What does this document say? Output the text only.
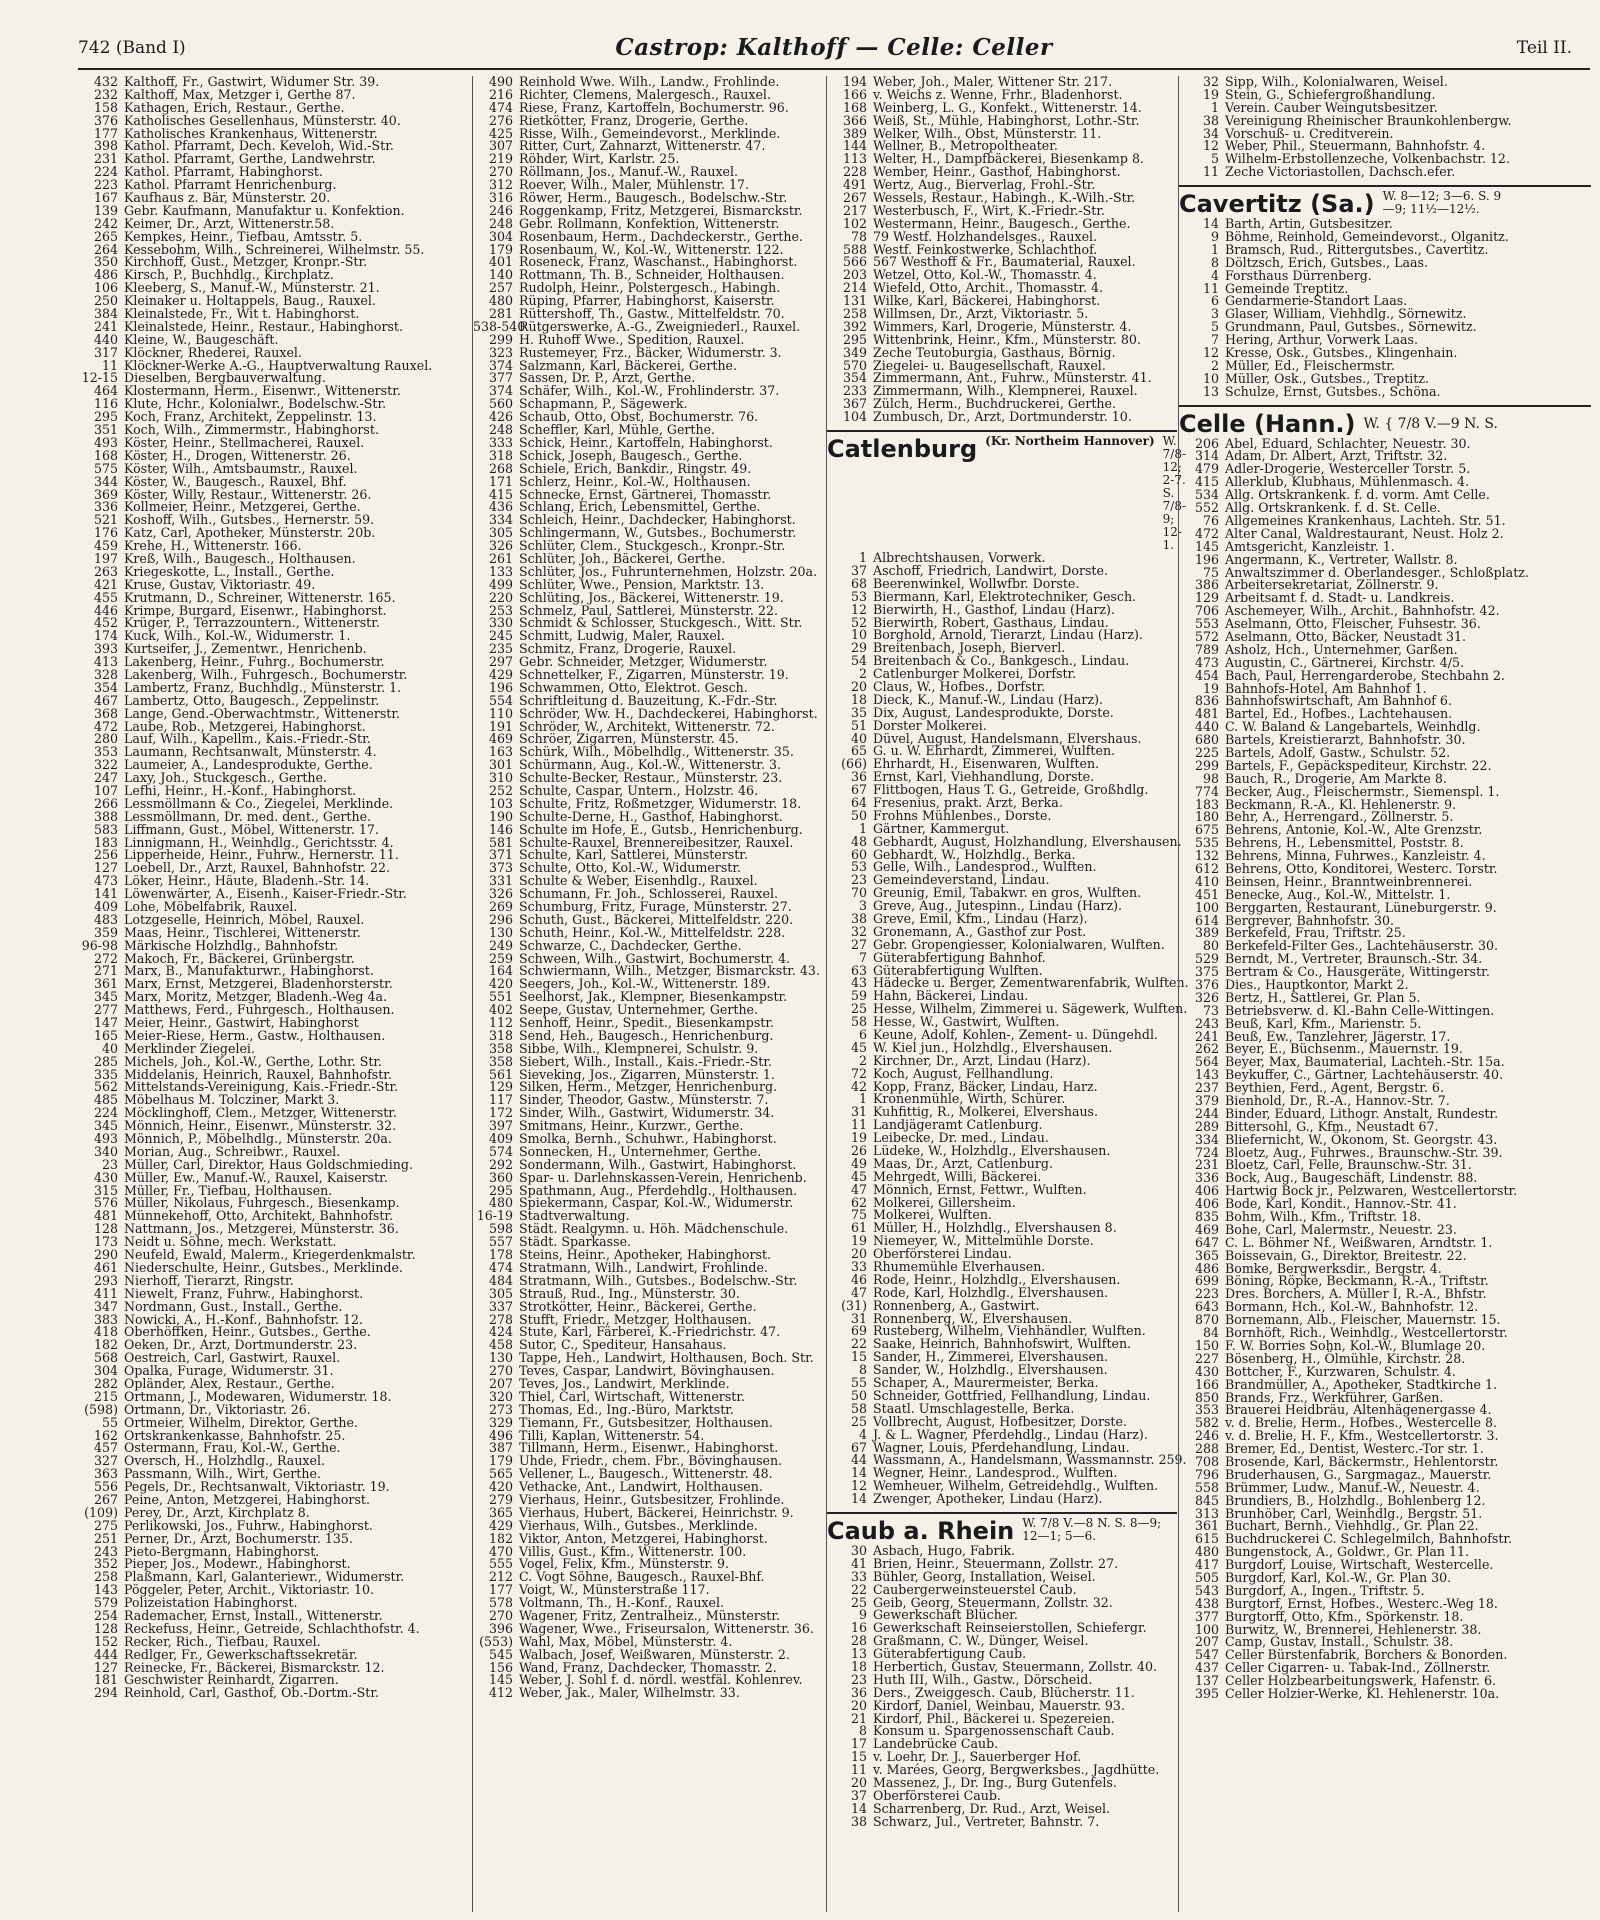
742 (Band I)	Castrop: Kalthoff — Celle: Celler	Teil II.
432 Kalthoff, Fr., Gastwirt, Widumer Str. 39.
232 Kalthoff, Max, Metzger i, Gerthe 87.
158 Kathagen, Erich, Restaur., Gerthe.
376 Katholisches Gesellenhaus, Münsterstr. 40.
177 Katholisches Krankenhaus, Wittenerstr.
398 Kathol. Pfarramt, Dech. Keveloh, Wid.-Str.
231 Kathol. Pfarramt, Gerthe, Landwehrstr.
224 Kathol. Pfarramt, Habinghorst.
223 Kathol. Pfarramt Henrichenburg.
167 Kaufhaus z. Bär, Münsterstr. 20.
139 Gebr. Kaufmann, Manufaktur u. Konfektion.
242 Keimer, Dr., Arzt, Wittenerstr.58.
265 Kempkes, Heinr., Tiefbau, Amtsstr. 5.
264 Kessebohm, Wilh., Schreinerei, Wilhelmstr. 55.
350 Kirchhoff, Gust., Metzger, Kronpr.-Str.
486 Kirsch, P., Buchhdlg., Kirchplatz.
106 Kleeberg, S., Manuf.-W., Münsterstr. 21.
250 Kleinaker u. Holtappels, Baug., Rauxel.
384 Kleinalstede, Fr., Wit t. Habinghorst.
241 Kleinalstede, Heinr., Restaur., Habinghorst.
440 Kleine, W., Baugeschäft.
317 Klöckner, Rhederei, Rauxel.
11 Klöckner-Werke A.-G., Hauptverwaltung Rauxel.
12-15 Dieselben, Bergbauverwaltung.
464 Klostermann, Herm., Eisenwr., Wittenerstr.
116 Klute, Hchr., Kolonialwr., Bodelschw.-Str.
295 Koch, Franz, Architekt, Zeppelinstr. 13.
351 Koch, Wilh., Zimmermstr., Habinghorst.
493 Köster, Heinr., Stellmacherei, Rauxel.
168 Köster, H., Drogen, Wittenerstr. 26.
575 Köster, Wilh., Amtsbaumstr., Rauxel.
344 Köster, W., Baugesch., Rauxel, Bhf.
369 Köster, Willy, Restaur., Wittenerstr. 26.
336 Kollmeier, Heinr., Metzgerei, Gerthe.
521 Koshoff, Wilh., Gutsbes., Hernerstr. 59.
176 Katz, Carl, Apotheker, Münsterstr. 20b.
459 Krehe, H., Wittenerstr. 166.
197 Kreß, Wilh., Baugesch., Holthausen.
263 Kriegeskotte, L., Install., Gerthe.
421 Kruse, Gustav, Viktoriastr. 49.
455 Krutmann, D., Schreiner, Wittenerstr. 165.
446 Krimpe, Burgard, Eisenwr., Habinghorst.
452 Krüger, P., Terrazzountern., Wittenerstr.
174 Kuck, Wilh., Kol.-W., Widumerstr. 1.
393 Kurtseifer, J., Zementwr., Henrichenb.
413 Lakenberg, Heinr., Fuhrg., Bochumerstr.
328 Lakenberg, Wilh., Fuhrgesch., Bochumerstr.
354 Lambertz, Franz, Buchhdlg., Münsterstr. 1.
467 Lambertz, Otto, Baugesch., Zeppelinstr.
368 Lange, Gend.-Oberwachtmstr., Wittenerstr.
472 Laube, Rob., Metzgerei, Habinghorst.
280 Lauf, Wilh., Kapellm., Kais.-Friedr.-Str.
353 Laumann, Rechtsanwalt, Münsterstr. 4.
322 Laumeier, A., Landesprodukte, Gerthe.
247 Laxy, Joh., Stuckgesch., Gerthe.
107 Lefhi, Heinr., H.-Konf., Habinghorst.
266 Lessmöllmann & Co., Ziegelei, Merklinde.
388 Lessmöllmann, Dr. med. dent., Gerthe.
583 Liffmann, Gust., Möbel, Wittenerstr. 17.
183 Linnigmann, H., Weinhdlg., Gerichtsstr. 4.
256 Lipperheide, Heinr., Fuhrw., Hernerstr. 11.
127 Loebell, Dr., Arzt, Rauxel, Bahnhofstr. 22.
473 Löker, Heinr., Häute, Bladenh.-Str. 14.
141 Löwenwärter, A., Eisenh., Kaiser-Friedr.-Str.
409 Lohe, Möbelfabrik, Rauxel.
483 Lotzgeselle, Heinrich, Möbel, Rauxel.
359 Maas, Heinr., Tischlerei, Wittenerstr.
96-98 Märkische Holzhdlg., Bahnhofstr.
272 Makoch, Fr., Bäckerei, Grünbergstr.
271 Marx, B., Manufakturwr., Habinghorst.
361 Marx, Ernst, Metzgerei, Bladenhorsterstr.
345 Marx, Moritz, Metzger, Bladenh.-Weg 4a.
277 Matthews, Ferd., Fuhrgesch., Holthausen.
147 Meier, Heinr., Gastwirt, Habinghorst
165 Meier-Riese, Herm., Gastw., Holthausen.
40 Merklinder Ziegelei.
285 Michels, Joh., Kol.-W., Gerthe, Lothr. Str.
335 Middelanis, Heinrich, Rauxel, Bahnhofstr.
562 Mittelstands-Vereinigung, Kais.-Friedr.-Str.
485 Möbelhaus M. Tolcziner, Markt 3.
224 Möcklinghoff, Clem., Metzger, Wittenerstr.
345 Mönnich, Heinr., Eisenwr., Münsterstr. 32.
493 Mönnich, P., Möbelhdlg., Münsterstr. 20a.
340 Morian, Aug., Schreibwr., Rauxel.
23 Müller, Carl, Direktor, Haus Goldschmieding.
430 Müller, Ew., Manuf.-W., Rauxel, Kaiserstr.
315 Müller, Fr., Tiefbau, Holthausen.
576 Müller, Nikolaus, Fuhrgesch., Biesenkamp.
481 Münnekehoff, Otto, Architekt, Bahnhofstr.
128 Nattmann, Jos., Metzgerei, Münsterstr. 36.
173 Neidt u. Söhne, mech. Werkstatt.
290 Neufeld, Ewald, Malerm., Kriegerdenkmalstr.
461 Niederschulte, Heinr., Gutsbes., Merklinde.
293 Nierhoff, Tierarzt, Ringstr.
411 Niewelt, Franz, Fuhrw., Habinghorst.
347 Nordmann, Gust., Install., Gerthe.
383 Nowicki, A., H.-Konf., Bahnhofstr. 12.
418 Oberhöffken, Heinr., Gutsbes., Gerthe.
182 Oeken, Dr., Arzt, Dortmunderstr. 23.
568 Oestreich, Carl, Gastwirt, Rauxel.
304 Opalka, Furage, Widumerstr. 31.
282 Opländer, Alex, Restaur., Gerthe.
215 Ortmann, J., Modewaren, Widumerstr. 18.
(598) Ortmann, Dr., Viktoriastr. 26.
55 Ortmeier, Wilhelm, Direktor, Gerthe.
162 Ortskrankenkasse, Bahnhofstr. 25.
457 Ostermann, Frau, Kol.-W., Gerthe.
327 Oversch, H., Holzhdlg., Rauxel.
363 Passmann, Wilh., Wirt, Gerthe.
556 Pegels, Dr., Rechtsanwalt, Viktoriastr. 19.
267 Peine, Anton, Metzgerei, Habinghorst.
(109) Perey, Dr., Arzt, Kirchplatz 8.
275 Perlikowski, Jos., Fuhrw., Habinghorst.
251 Perner, Dr., Arzt, Bochumerstr. 135.
243 Pieto-Bergmann, Habinghorst.
352 Pieper, Jos., Modewr., Habinghorst.
258 Plaßmann, Karl, Galanteriewr., Widumerstr.
143 Pöggeler, Peter, Archit., Viktoriastr. 10.
579 Polizeistation Habinghorst.
254 Rademacher, Ernst, Install., Wittenerstr.
128 Reckefuss, Heinr., Getreide, Schlachthofstr. 4.
152 Recker, Rich., Tiefbau, Rauxel.
444 Redlger, Fr., Gewerkschaftssekretär.
127 Reinecke, Fr., Bäckerei, Bismarckstr. 12.
181 Geschwister Reinhardt, Zigarren.
294 Reinhold, Carl, Gasthof, Ob.-Dortm.-Str.
490 Reinhold Wwe. Wilh., Landw., Frohlinde.
216 Richter, Clemens, Malergesch., Rauxel.
474 Riese, Franz, Kartoffeln, Bochumerstr. 96.
276 Rietkötter, Franz, Drogerie, Gerthe.
425 Risse, Wilh., Gemeindevorst., Merklinde.
307 Ritter, Curt, Zahnarzt, Wittenerstr. 47.
219 Röhder, Wirt, Karlstr. 25.
270 Röllmann, Jos., Manuf.-W., Rauxel.
312 Roever, Wilh., Maler, Mühlenstr. 17.
316 Röwer, Herm., Baugesch., Bodelschw.-Str.
246 Roggenkamp, Fritz, Metzgerei, Bismarckstr.
248 Gebr. Rollmann, Konfektion, Wittenerstr.
304 Rosenbaum, Herm., Dachdeckerstr., Gerthe.
179 Rosenbaum, W., Kol.-W., Wittenerstr. 122.
401 Roseneck, Franz, Waschanst., Habinghorst.
140 Rottmann, Th. B., Schneider, Holthausen.
257 Rudolph, Heinr., Polstergesch., Habingh.
480 Rüping, Pfarrer, Habinghorst, Kaiserstr.
281 Rüttershoff, Th., Gastw., Mittelfeldstr. 70.
538-540
Rütgerswerke, A.-G., Zweigniederl., Rauxel.
299 H. Ruhoff Wwe., Spedition, Rauxel.
323 Rustemeyer, Frz., Bäcker, Widumerstr. 3.
374 Salzmann, Karl, Bäckerei, Gerthe.
377 Sassen, Dr. P., Arzt, Gerthe.
374 Schäfer, Wilh., Kol.-W., Frohlinderstr. 37.
560 Schapmann, P., Sägewerk.
426 Schaub, Otto, Obst, Bochumerstr. 76.
248 Scheffler, Karl, Mühle, Gerthe.
333 Schick, Heinr., Kartoffeln, Habinghorst.
318 Schick, Joseph, Baugesch., Gerthe.
268 Schiele, Erich, Bankdir., Ringstr. 49.
171 Schlerz, Heinr., Kol.-W., Holthausen.
415 Schnecke, Ernst, Gärtnerei, Thomasstr.
436 Schlang, Erich, Lebensmittel, Gerthe.
334 Schleich, Heinr., Dachdecker, Habinghorst.
305 Schlingermann, W., Gutsbes., Bochumerstr.
326 Schlüter, Clem., Stuckgesch., Kronpr.-Str.
261 Schlüter, Joh., Bäckerei, Gerthe.
133 Schlüter, Jos., Fuhrunternehmen, Holzstr. 20a.
499 Schlüter, Wwe., Pension, Marktstr. 13.
220 Schlüting, Jos., Bäckerei, Wittenerstr. 19.
253 Schmelz, Paul, Sattlerei, Münsterstr. 22.
330 Schmidt & Schlosser, Stuckgesch., Witt. Str.
245 Schmitt, Ludwig, Maler, Rauxel.
235 Schmitz, Franz, Drogerie, Rauxel.
297 Gebr. Schneider, Metzger, Widumerstr.
429 Schnettelker, F., Zigarren, Münsterstr. 19.
196 Schwammen, Otto, Elektrot. Gesch.
554 Schriftleitung d. Bauzeitung, K.-Fdr.-Str.
110 Schröder, Ww. H., Dachdeckerei, Habinghorst.
191 Schröder, W., Architekt, Wittenerstr. 72.
469 Schröer, Zigarren, Münsterstr. 45.
163 Schürk, Wilh., Möbelhdlg., Wittenerstr. 35.
301 Schürmann, Aug., Kol.-W., Wittenerstr. 3.
310 Schulte-Becker, Restaur., Münsterstr. 23.
252 Schulte, Caspar, Untern., Holzstr. 46.
103 Schulte, Fritz, Roßmetzger, Widumerstr. 18.
190 Schulte-Derne, H., Gasthof, Habinghorst.
146 Schulte im Hofe, E., Gutsb., Henrichenburg.
581 Schulte-Rauxel, Brennereibesitzer, Rauxel.
371 Schulte, Karl, Sattlerei, Münsterstr.
373 Schulte, Otto, Kol.-W., Widumerstr.
331 Schulte & Weber, Eisenhdlg., Rauxel.
326 Schumann, Fr. Joh., Schlosserei, Rauxel.
269 Schumburg, Fritz, Furage, Münsterstr. 27.
296 Schuth, Gust., Bäckerei, Mittelfeldstr. 220.
130 Schuth, Heinr., Kol.-W., Mittelfeldstr. 228.
249 Schwarze, C., Dachdecker, Gerthe.
259 Schween, Wilh., Gastwirt, Bochumerstr. 4.
164 Schwiermann, Wilh., Metzger, Bismarckstr. 43.
420 Seegers, Joh., Kol.-W., Wittenerstr. 189.
551 Seelhorst, Jak., Klempner, Biesenkampstr.
402 Seepe, Gustav, Unternehmer, Gerthe.
112 Senhoff, Heinr., Spedit., Biesenkampstr.
318 Send, Heh., Baugesch., Henrichenburg.
358 Sibbe, Wilh., Klempnerei, Schulstr. 9.
358 Siebert, Wilh., Install., Kais.-Friedr.-Str.
561 Sieveking, Jos., Zigarren, Münsterstr. 1.
129 Silken, Herm., Metzger, Henrichenburg.
117 Sinder, Theodor, Gastw., Münsterstr. 7.
172 Sinder, Wilh., Gastwirt, Widumerstr. 34.
397 Smitmans, Heinr., Kurzwr., Gerthe.
409 Smolka, Bernh., Schuhwr., Habinghorst.
574 Sonnecken, H., Unternehmer, Gerthe.
292 Sondermann, Wilh., Gastwirt, Habinghorst.
360 Spar- u. Darlehnskassen-Verein, Henrichenb.
295 Spathmann, Aug., Pferdehdlg., Holthausen.
480 Spiekermann, Caspar, Kol.-W., Widumerstr.
16-19 Stadtverwaltung.
598 Städt. Realgymn. u. Höh. Mädchenschule.
557 Städt. Sparkasse.
178 Steins, Heinr., Apotheker, Habinghorst.
474 Stratmann, Wilh., Landwirt, Frohlinde.
484 Stratmann, Wilh., Gutsbes., Bodelschw.-Str.
305 Strauß, Rud., Ing., Münsterstr. 30.
337 Strotkötter, Heinr., Bäckerei, Gerthe.
278 Stufft, Friedr., Metzger, Holthausen.
424 Stute, Karl, Färberei, K.-Friedrichstr. 47.
458 Sutor, C., Spediteur, Hansahaus.
130 Tappe, Heh., Landwirt, Holthausen, Boch. Str.
270 Teves, Caspar, Landwirt, Bövinghausen.
207 Teves, Jos., Landwirt, Merklinde.
320 Thiel, Carl, Wirtschaft, Wittenerstr.
273 Thomas, Ed., Ing.-Büro, Marktstr.
329 Tiemann, Fr., Gutsbesitzer, Holthausen.
496 Tilli, Kaplan, Wittenerstr. 54.
387 Tillmann, Herm., Eisenwr., Habinghorst.
179 Uhde, Friedr., chem. Fbr., Bövinghausen.
565 Vellener, L., Baugesch., Wittenerstr. 48.
420 Vethacke, Ant., Landwirt, Holthausen.
279 Vierhaus, Heinr., Gutsbesitzer, Frohlinde.
365 Vierhaus, Hubert, Bäckerei, Heinrichstr. 9.
429 Vierhaus, Wilh., Gutsbes., Merklinde.
182 Viktor, Anton, Metzgerei, Habinghorst.
470 Villis, Gust., Kfm., Wittenerstr. 100.
555 Vogel, Felix, Kfm., Münsterstr. 9.
212 C. Vogt Söhne, Baugesch., Rauxel-Bhf.
177 Voigt, W., Münsterstraße 117.
578 Voltmann, Th., H.-Konf., Rauxel.
270 Wagener, Fritz, Zentralheiz., Münsterstr.
396 Wagener, Wwe., Friseursalon, Wittenerstr. 36.
(553) Wahl, Max, Möbel, Münsterstr. 4.
545 Walbach, Josef, Weißwaren, Münsterstr. 2.
156 Wand, Franz, Dachdecker, Thomasstr. 2.
145 Weber, J. Sohl f. d. nördl. westfäl. Kohlenrev.
412 Weber, Jak., Maler, Wilhelmstr. 33.
194 Weber, Joh., Maler, Wittener Str. 217.
166 v. Weichs z. Wenne, Frhr., Bladenhorst.
168 Weinberg, L. G., Konfekt., Wittenerstr. 14.
366 Weiß, St., Mühle, Habinghorst, Lothr.-Str.
389 Welker, Wilh., Obst, Münsterstr. 11.
144 Wellner, B., Metropoltheater.
113 Welter, H., Dampfbäckerei, Biesenkamp 8.
228 Wember, Heinr., Gasthof, Habinghorst.
491 Wertz, Aug., Bierverlag, Frohl.-Str.
267 Wessels, Restaur., Habingh., K.-Wilh.-Str.
217 Westerbusch, F., Wirt, K.-Friedr.-Str.
102 Westermann, Heinr., Baugesch., Gerthe.
78 79 Westf. Holzhandelsges., Rauxel.
588 Westf. Feinkostwerke, Schlachthof.
566 567 Westhoff & Fr., Baumaterial, Rauxel.
203 Wetzel, Otto, Kol.-W., Thomasstr. 4.
214 Wiefeld, Otto, Archit., Thomasstr. 4.
131 Wilke, Karl, Bäckerei, Habinghorst.
258 Willmsen, Dr., Arzt, Viktoriastr. 5.
392 Wimmers, Karl, Drogerie, Münsterstr. 4.
295 Wittenbrink, Heinr., Kfm., Münsterstr. 80.
349 Zeche Teutoburgia, Gasthaus, Börnig.
570 Ziegelei- u. Baugesellschaft, Rauxel.
354 Zimmermann, Ant., Fuhrw., Münsterstr. 41.
233 Zimmermann, Wilh., Klempnerei, Rauxel.
367 Zülch, Herm., Buchdruckerei, Gerthe.
104 Zumbusch, Dr., Arzt, Dortmunderstr. 10.
Catlenburg (Kr. Northeim Hannover) W. 7/8-12; 2-7. S. 7/8-9; 12-1.
1 Albrechtshausen, Vorwerk.
37 Aschoff, Friedrich, Landwirt, Dorste.
68 Beerenwinkel, Wollwfbr. Dorste.
53 Biermann, Karl, Elektrotechniker, Gesch.
12 Bierwirth, H., Gasthof, Lindau (Harz).
52 Bierwirth, Robert, Gasthaus, Lindau.
10 Borghold, Arnold, Tierarzt, Lindau (Harz).
29 Breitenbach, Joseph, Bierverl.
54 Breitenbach & Co., Bankgesch., Lindau.
2 Catlenburger Molkerei, Dorfstr.
20 Claus, W., Hofbes., Dorfstr.
18 Dieck, K., Manuf.-W., Lindau (Harz).
35 Dix, August, Landesprodukte, Dorste.
51 Dorster Molkerei.
40 Düvel, August, Handelsmann, Elvershaus.
65 G. u. W. Ehrhardt, Zimmerei, Wulften.
(66) Ehrhardt, H., Eisenwaren, Wulften.
36 Ernst, Karl, Viehhandlung, Dorste.
67 Flittbogen, Haus T. G., Getreide, Großhdlg.
64 Fresenius, prakt. Arzt, Berka.
50 Frohns Mühlenbes., Dorste.
1 Gärtner, Kammergut.
48 Gebhardt, August, Holzhandlung, Elvershausen.
60 Gebhardt, W., Holzhdlg., Berka.
53 Gelle, Wilh., Landesprod., Wulften.
23 Gemeindeverstand, Lindau.
70 Greunig, Emil, Tabakwr. en gros, Wulften.
3 Greve, Aug., Jutespinn., Lindau (Harz).
38 Greve, Emil, Kfm., Lindau (Harz).
32 Gronemann, A., Gasthof zur Post.
27 Gebr. Gropengiesser, Kolonialwaren, Wulften.
7 Güterabfertigung Bahnhof.
63 Güterabfertigung Wulften.
43 Hädecke u. Berger, Zementwarenfabrik, Wulften.
59 Hahn, Bäckerei, Lindau.
25 Hesse, Wilhelm, Zimmerei u. Sägewerk, Wulften.
58 Hesse, W., Gastwirt, Wulften.
6 Keune, Adolf, Kohlen-, Zement- u. Düngehdl.
45 W. Kiel jun., Holzhdlg., Elvershausen.
2 Kirchner, Dr., Arzt, Lindau (Harz).
72 Koch, August, Fellhandlung.
42 Kopp, Franz, Bäcker, Lindau, Harz.
1 Kronenmühle, Wirth, Schürer.
31 Kuhfittig, R., Molkerei, Elvershaus.
11 Landjägeramt Catlenburg.
19 Leibecke, Dr. med., Lindau.
26 Lüdeke, W., Holzhdlg., Elvershausen.
49 Maas, Dr., Arzt, Catlenburg.
45 Mehrgedt, Willi, Bäckerei.
47 Mönnich, Ernst, Fettwr., Wulften.
62 Molkerei, Gillersheim.
75 Molkerei, Wulften.
61 Müller, H., Holzhdlg., Elvershausen 8.
19 Niemeyer, W., Mittelmühle Dorste.
20 Oberförsterei Lindau.
33 Rhumemühle Elverhausen.
46 Rode, Heinr., Holzhdlg., Elvershausen.
47 Rode, Karl, Holzhdlg., Elvershausen.
(31) Ronnenberg, A., Gastwirt.
31 Ronnenberg, W., Elvershausen.
69 Rusteberg, Wilhelm, Viehhändler, Wulften.
22 Saake, Heinrich, Bahnhofswirt, Wulften.
15 Sander, H., Zimmerei, Elvershausen.
8 Sander, W., Holzhdlg., Elvershausen.
55 Schaper, A., Maurermeister, Berka.
50 Schneider, Gottfried, Fellhandlung, Lindau.
58 Staatl. Umschlagestelle, Berka.
25 Vollbrecht, August, Hofbesitzer, Dorste.
4 J. & L. Wagner, Pferdehdlg., Lindau (Harz).
67 Wagner, Louis, Pferdehandlung, Lindau.
44 Wassmann, A., Handelsmann, Wassmannstr. 259.
14 Wegner, Heinr., Landesprod., Wulften.
12 Wemheuer, Wilhelm, Getreidehdlg., Wulften.
14 Zwenger, Apotheker, Lindau (Harz).
Caub a. Rhein W. 7/8 V.—8 N. S. 8—9; 12—1; 5—6.
30 Asbach, Hugo, Fabrik.
41 Brien, Heinr., Steuermann, Zollstr. 27.
33 Bühler, Georg, Installation, Weisel.
22 Caubergerweinsteuerstel Caub.
25 Geib, Georg, Steuermann, Zollstr. 32.
9 Gewerkschaft Blücher.
16 Gewerkschaft Reinseierstollen, Schiefergr.
28 Graßmann, C. W., Dünger, Weisel.
13 Güterabfertigung Caub.
18 Herbertich, Gustav, Steuermann, Zollstr. 40.
23 Huth III, Wilh., Gastw., Dörscheid.
36 Ders., Zweiggesch. Caub, Blücherstr. 11.
20 Kirdorf, Daniel, Weinbau, Mauerstr. 93.
21 Kirdorf, Phil., Bäckerei u. Spezereien.
8 Konsum u. Spargenossenschaft Caub.
17 Landebrücke Caub.
15 v. Loehr, Dr. J., Sauerberger Hof.
11 v. Marées, Georg, Bergwerksbes., Jagdhütte.
20 Massenez, J., Dr. Ing., Burg Gutenfels.
37 Oberförsterei Caub.
14 Scharrenberg, Dr. Rud., Arzt, Weisel.
38 Schwarz, Jul., Vertreter, Bahnstr. 7.
32 Sipp, Wilh., Kolonialwaren, Weisel.
19 Stein, G., Schiefergroßhandlung.
1 Verein. Cauber Weingutsbesitzer.
38 Vereinigung Rheinischer Braunkohlenbergw.
34 Vorschuß- u. Creditverein.
12 Weber, Phil., Steuermann, Bahnhofstr. 4.
5 Wilhelm-Erbstollenzeche, Volkenbachstr. 12.
11 Zeche Victoriastollen, Dachsch.efer.
Cavertitz (Sa.) W. 8—12; 3—6. S. 9—9; 11½—12½.
14 Barth, Artin, Gutsbesitzer.
9 Böhme, Reinhold, Gemeindevorst., Olganitz.
1 Bramsch, Rud., Rittergutsbes., Cavertitz.
8 Döltzsch, Erich, Gutsbes., Laas.
4 Forsthaus Dürrenberg.
11 Gemeinde Treptitz.
6 Gendarmerie-Standort Laas.
3 Glaser, William, Viehhdlg., Sörnewitz.
5 Grundmann, Paul, Gutsbes., Sörnewitz.
7 Hering, Arthur, Vorwerk Laas.
12 Kresse, Osk., Gutsbes., Klingenhain.
2 Müller, Ed., Fleischermstr.
10 Müller, Osk., Gutsbes., Treptitz.
13 Schulze, Ernst, Gutsbes., Schöna.
Celle (Hann.) W. { 7/8 V.—9 N. S.
206 Abel, Eduard, Schlachter, Neuestr. 30.
314 Adam, Dr. Albert, Arzt, Triftstr. 32.
479 Adler-Drogerie, Westerceller Torstr. 5.
415 Allerklub, Klubhaus, Mühlenmasch. 4.
534 Allg. Ortskrankenk. f. d. vorm. Amt Celle.
552 Allg. Ortskrankenk. f. d. St. Celle.
76 Allgemeines Krankenhaus, Lachteh. Str. 51.
472 Alter Canal, Waldrestaurant, Neust. Holz 2.
145 Amtsgericht, Kanzleistr. 1.
196 Angermann, K., Vertreter, Wallstr. 8.
75 Anwaltszimmer d. Oberlandesger., Schloßplatz.
386 Arbeitersekretariat, Zöllnerstr. 9.
129 Arbeitsamt f. d. Stadt- u. Landkreis.
706 Aschemeyer, Wilh., Archit., Bahnhofstr. 42.
553 Aselmann, Otto, Fleischer, Fuhsestr. 36.
572 Aselmann, Otto, Bäcker, Neustadt 31.
789 Asholz, Hch., Unternehmer, Garßen.
473 Augustin, C., Gärtnerei, Kirchstr. 4/5.
454 Bach, Paul, Herrengarderobe, Stechbahn 2.
19 Bahnhofs-Hotel, Am Bahnhof 1.
836 Bahnhofswirtschaft, Am Bahnhof 6.
481 Bartel, Ed., Hofbes., Lachtehausen.
440 C. W. Baland & Langebartels, Weinhdlg.
680 Bartels, Kreistierarzt, Bahnhofstr. 30.
225 Bartels, Adolf, Gastw., Schulstr. 52.
299 Bartels, F., Gepäckspediteur, Kirchstr. 22.
98 Bauch, R., Drogerie, Am Markte 8.
774 Becker, Aug., Fleischermstr., Siemenspl. 1.
183 Beckmann, R.-A., Kl. Hehlenerstr. 9.
180 Behr, A., Herrengard., Zöllnerstr. 5.
675 Behrens, Antonie, Kol.-W., Alte Grenzstr.
535 Behrens, H., Lebensmittel, Poststr. 8.
132 Behrens, Minna, Fuhrwes., Kanzleistr. 4.
612 Behrens, Otto, Konditorei, Westerc. Torstr.
410 Beinsen, Heinr., Branntweinbrennerei.
451 Benecke, Aug., Kol.-W., Mittelstr. 1.
100 Berggarten, Restaurant, Lüneburgerstr. 9.
614 Bergrever, Bahnhofstr. 30.
389 Berkefeld, Frau, Triftstr. 25.
80 Berkefeld-Filter Ges., Lachtehäuserstr. 30.
529 Berndt, M., Vertreter, Braunsch.-Str. 34.
375 Bertram & Co., Hausgeräte, Wittingerstr.
376 Dies., Hauptkontor, Markt 2.
326 Bertz, H., Sattlerei, Gr. Plan 5.
73 Betriebsverw. d. Kl.-Bahn Celle-Wittingen.
243 Beuß, Karl, Kfm., Marienstr. 5.
241 Beuß, Ew., Tanzlehrer, Jägerstr. 17.
262 Beyer, E., Büchsenm., Mauernstr. 19.
564 Beyer, Max, Baumaterial, Lachteh.-Str. 15a.
143 Beykuffer, C., Gärtner, Lachtehäuserstr. 40.
237 Beythien, Ferd., Agent, Bergstr. 6.
379 Bienhold, Dr., R.-A., Hannov.-Str. 7.
244 Binder, Eduard, Lithogr. Anstalt, Rundestr.
289 Bittersohl, G., Kfm., Neustadt 67.
334 Bliefernicht, W., Ökonom, St. Georgstr. 43.
724 Bloetz, Aug., Fuhrwes., Braunschw.-Str. 39.
231 Bloetz, Carl, Felle, Braunschw.-Str. 31.
336 Bock, Aug., Baugeschäft, Lindenstr. 88.
406 Hartwig Bock jr., Pelzwaren, Westcellertorstr.
406 Bode, Karl, Kondit., Hannov.-Str. 41.
835 Bohm, Wilh., Kfm., Triftstr. 18.
469 Bohe, Carl, Malermstr., Neuestr. 23.
647 C. L. Böhmer Nf., Weißwaren, Arndtstr. 1.
365 Boissevain, G., Direktor, Breitestr. 22.
486 Bomke, Bergwerksdir., Bergstr. 4.
699 Böning, Röpke, Beckmann, R.-A., Triftstr.
223 Dres. Borchers, A. Müller I, R.-A., Bhfstr.
643 Bormann, Hch., Kol.-W., Bahnhofstr. 12.
870 Bornemann, Alb., Fleischer, Mauernstr. 15.
84 Bornhöft, Rich., Weinhdlg., Westcellertorstr.
150 F. W. Borries Sohn, Kol.-W., Blumlage 20.
227 Bösenberg, H., Ölmühle, Kirchstr. 28.
430 Bottcher, F., Kurzwaren, Schulstr. 4.
166 Brandmüller, A., Apotheker, Stadtkirche 1.
850 Brands, Frz., Werkführer, Garßen.
353 Brauerei Heidbräu, Altenhägenergasse 4.
582 v. d. Brelie, Herm., Hofbes., Westercelle 8.
246 v. d. Brelie, H. F., Kfm., Westcellertorstr. 3.
288 Bremer, Ed., Dentist, Westerc.-Tor str. 1.
708 Brosende, Karl, Bäckermstr., Hehlentorstr.
796 Bruderhausen, G., Sargmagaz., Mauerstr.
558 Brümmer, Ludw., Manuf.-W., Neuestr. 4.
845 Brundiers, B., Holzhdlg., Bohlenberg 12.
313 Brunhöber, Carl, Weinhdlg., Bergstr. 51.
361 Buchart, Bernh., Viehhdlg., Gr. Plan 22.
615 Buchdruckerei C. Schlegelmilch, Bahnhofstr.
480 Bungenstock, A., Goldwr., Gr. Plan 11.
417 Burgdorf, Louise, Wirtschaft, Westercelle.
505 Burgdorf, Karl, Kol.-W., Gr. Plan 30.
543 Burgdorf, A., Ingen., Triftstr. 5.
438 Burgtorf, Ernst, Hofbes., Westerc.-Weg 18.
377 Burgtorff, Otto, Kfm., Spörkenstr. 18.
100 Burwitz, W., Brennerei, Hehlenerstr. 38.
207 Camp, Gustav, Install., Schulstr. 38.
547 Celler Bürstenfabrik, Borchers & Bonorden.
437 Celler Cigarren- u. Tabak-Ind., Zöllnerstr.
137 Celler Holzbearbeitungswerk, Hafenstr. 6.
395 Celler Holzier-Werke, Kl. Hehlenerstr. 10a.
